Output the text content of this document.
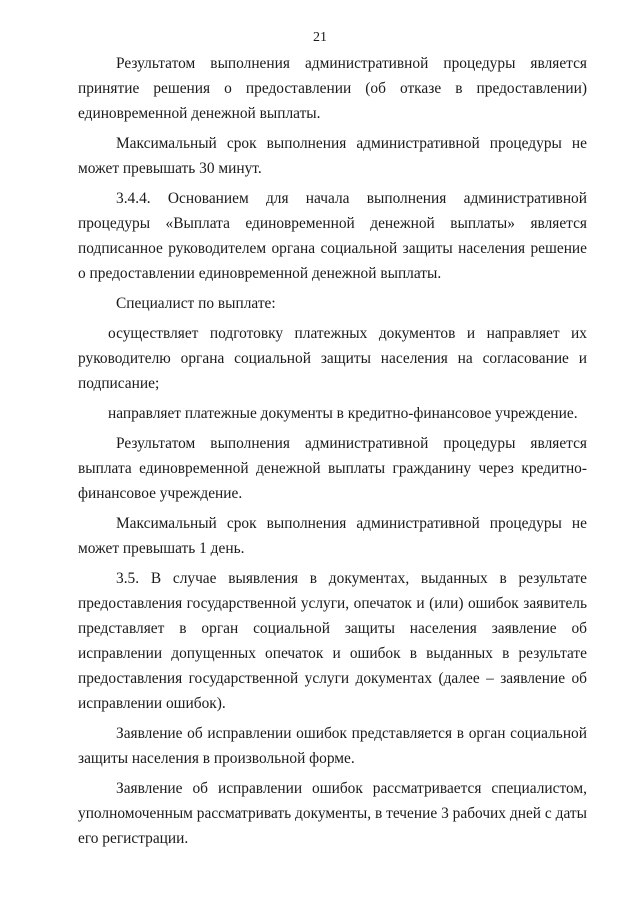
21

Результатом выполнения административной процедуры является принятие решения о предоставлении (об отказе в предоставлении) единовременной денежной выплаты.

Максимальный срок выполнения административной процедуры не может превышать 30 минут.

3.4.4. Основанием для начала выполнения административной процедуры «Выплата единовременной денежной выплаты» является подписанное руководителем органа социальной защиты населения решение о предоставлении единовременной денежной выплаты.

Специалист по выплате:

осуществляет подготовку платежных документов и направляет их руководителю органа социальной защиты населения на согласование и подписание;

направляет платежные документы в кредитно-финансовое учреждение.

Результатом выполнения административной процедуры является выплата единовременной денежной выплаты гражданину через кредитно-финансовое учреждение.

Максимальный срок выполнения административной процедуры не может превышать 1 день.

3.5. В случае выявления в документах, выданных в результате предоставления государственной услуги, опечаток и (или) ошибок заявитель представляет в орган социальной защиты населения заявление об исправлении допущенных опечаток и ошибок в выданных в результате предоставления государственной услуги документах (далее – заявление об исправлении ошибок).

Заявление об исправлении ошибок представляется в орган социальной защиты населения в произвольной форме.

Заявление об исправлении ошибок рассматривается специалистом, уполномоченным рассматривать документы, в течение 3 рабочих дней с даты его регистрации.
